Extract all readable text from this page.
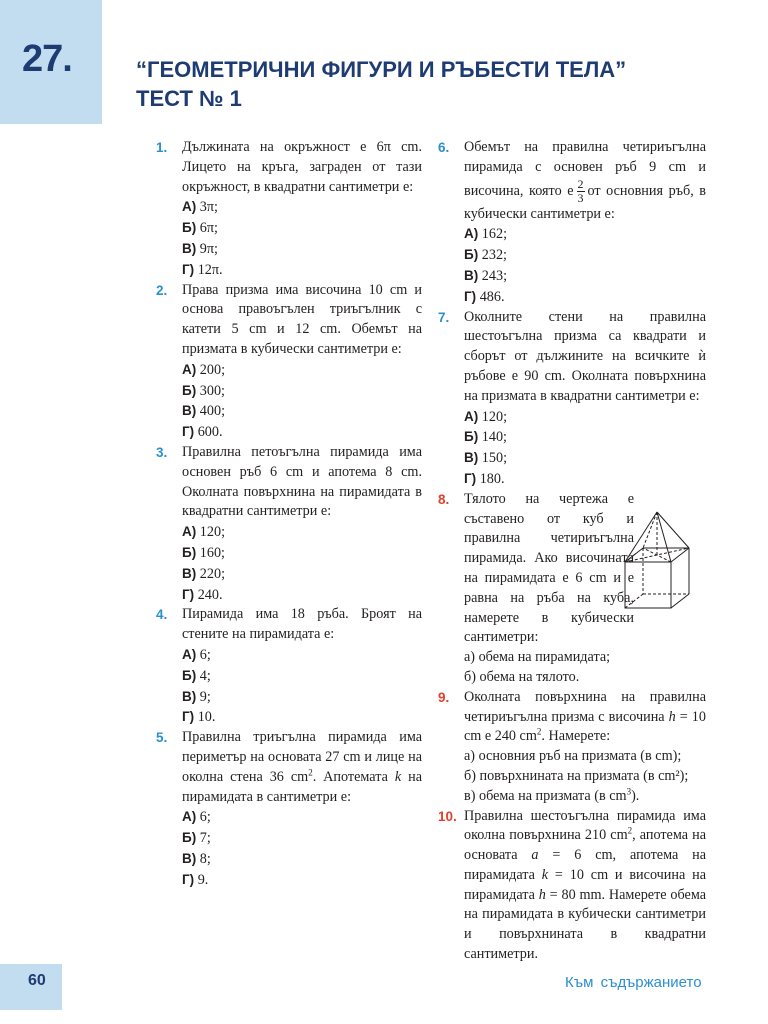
27.	“ГЕОМЕТРИЧНИ ФИГУРИ И РЪБЕСТИ ТЕЛА”
ТЕСТ № 1
1. Дължината на окръжност е 6π cm. Лицето на кръга, заграден от тази окръжност, в квадратни сантиметри е:
А) 3π;
Б) 6π;
В) 9π;
Г) 12π.
2. Права призма има височина 10 cm и основа правоъгълен триъгълник с катети 5 cm и 12 cm. Обемът на призмата в кубически сантиметри е:
А) 200;
Б) 300;
В) 400;
Г) 600.
3. Правилна петоъгълна пирамида има основен ръб 6 cm и апотема 8 cm. Околната повърхнина на пирамидата в квадратни сантиметри е:
А) 120;
Б) 160;
В) 220;
Г) 240.
4. Пирамида има 18 ръба. Броят на стените на пирамидата е:
А) 6;
Б) 4;
В) 9;
Г) 10.
5. Правилна триъгълна пирамида има периметър на основата 27 cm и лице на околна стена 36 $cm^2$. Апотемата k на пирамидата в сантиметри е:
А) 6;
Б) 7;
В) 8;
Г) 9.
6. Обемът на правилна четириъгълна пирамида с основен ръб 9 cm и височина, която е $\frac{2}{3}$ от основния ръб, в кубически сантиметри е:
А) 162;
Б) 232;
В) 243;
Г) 486.
7. Околните стени на правилна шестоъгълна призма са квадрати и сборът от дължините на всичките ѝ ръбове е 90 cm. Околната повърхнина на призмата в квадратни сантиметри е:
А) 120;
Б) 140;
В) 150;
Г) 180.
8. Тялото на чертежа е съставено от куб и правилна четириъгълна пирамида. Ако височината на пирамидата е 6 cm и е равна на ръба на куба, намерете в кубически сантиметри:
а) обема на пирамидата;
б) обема на тялото.
9. Околната повърхнина на правилна четириъгълна призма с височина h = 10 cm е 240 $cm^2$. Намерете:
а) основния ръб на призмата (в cm);
б) повърхнината на призмата (в cm²);
в) обема на призмата (в $cm^3$).
10. Правилна шестоъгълна пирамида има околна повърхнина 210 $cm^2$, апотема на основата a = 6 cm, апотема на пирамидата k = 10 cm и височина на пирамидата h = 80 mm. Намерете обема на пирамидата в кубически сантиметри и повърхнината в квадратни сантиметри.
60	Към съдържанието
